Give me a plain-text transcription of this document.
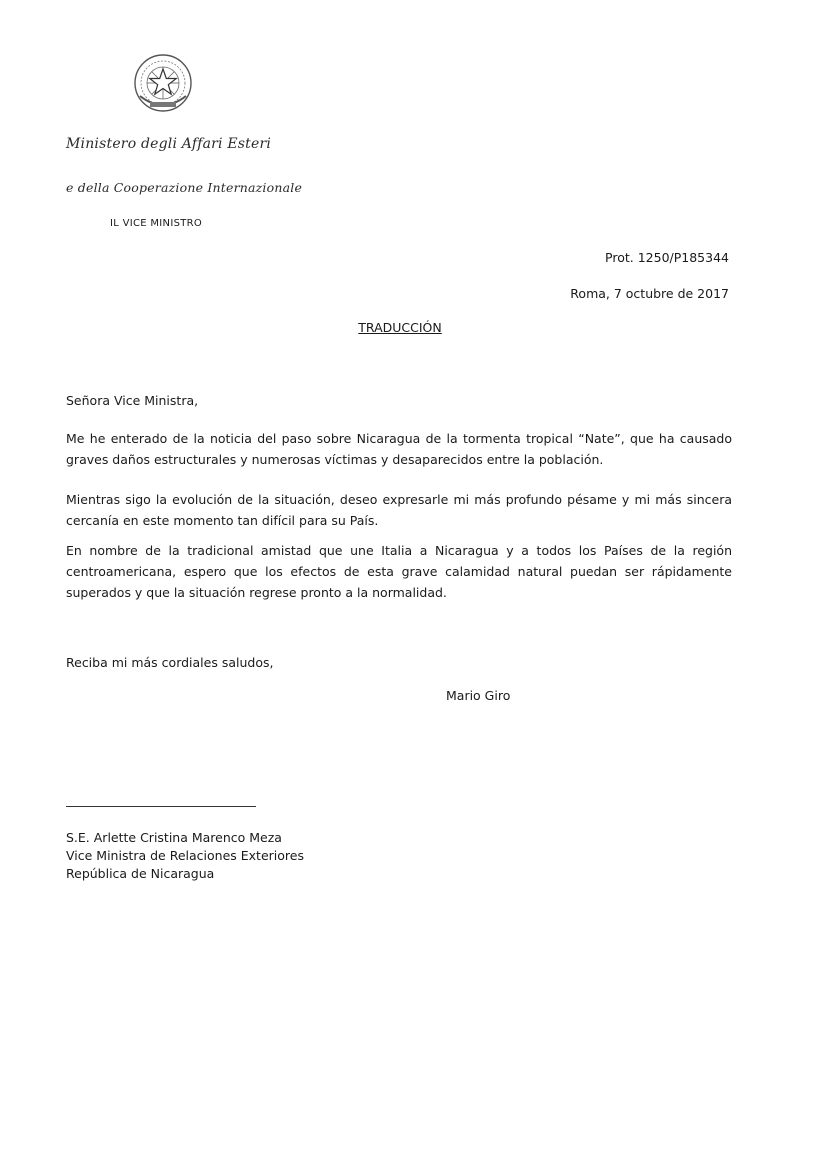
Ministero degli Affari Esteri
e della Cooperazione Internazionale
IL VICE MINISTRO
Prot. 1250/P185344
Roma, 7 octubre de 2017
TRADUCCIÓN
Señora Vice Ministra,
Me he enterado de la noticia del paso sobre Nicaragua de la tormenta tropical “Nate”, que ha causado graves daños estructurales y numerosas víctimas y desaparecidos entre la población.
Mientras sigo la evolución de la situación, deseo expresarle mi más profundo pésame y mi más sincera cercanía en este momento tan difícil para su País.
En nombre de la tradicional amistad que une Italia a Nicaragua y a todos los Países de la región centroamericana, espero que los efectos de esta grave calamidad natural puedan ser rápidamente superados y que la situación regrese pronto a la normalidad.
Reciba mi más cordiales saludos,
Mario Giro
S.E. Arlette Cristina Marenco Meza
Vice Ministra de Relaciones Exteriores
República de Nicaragua
